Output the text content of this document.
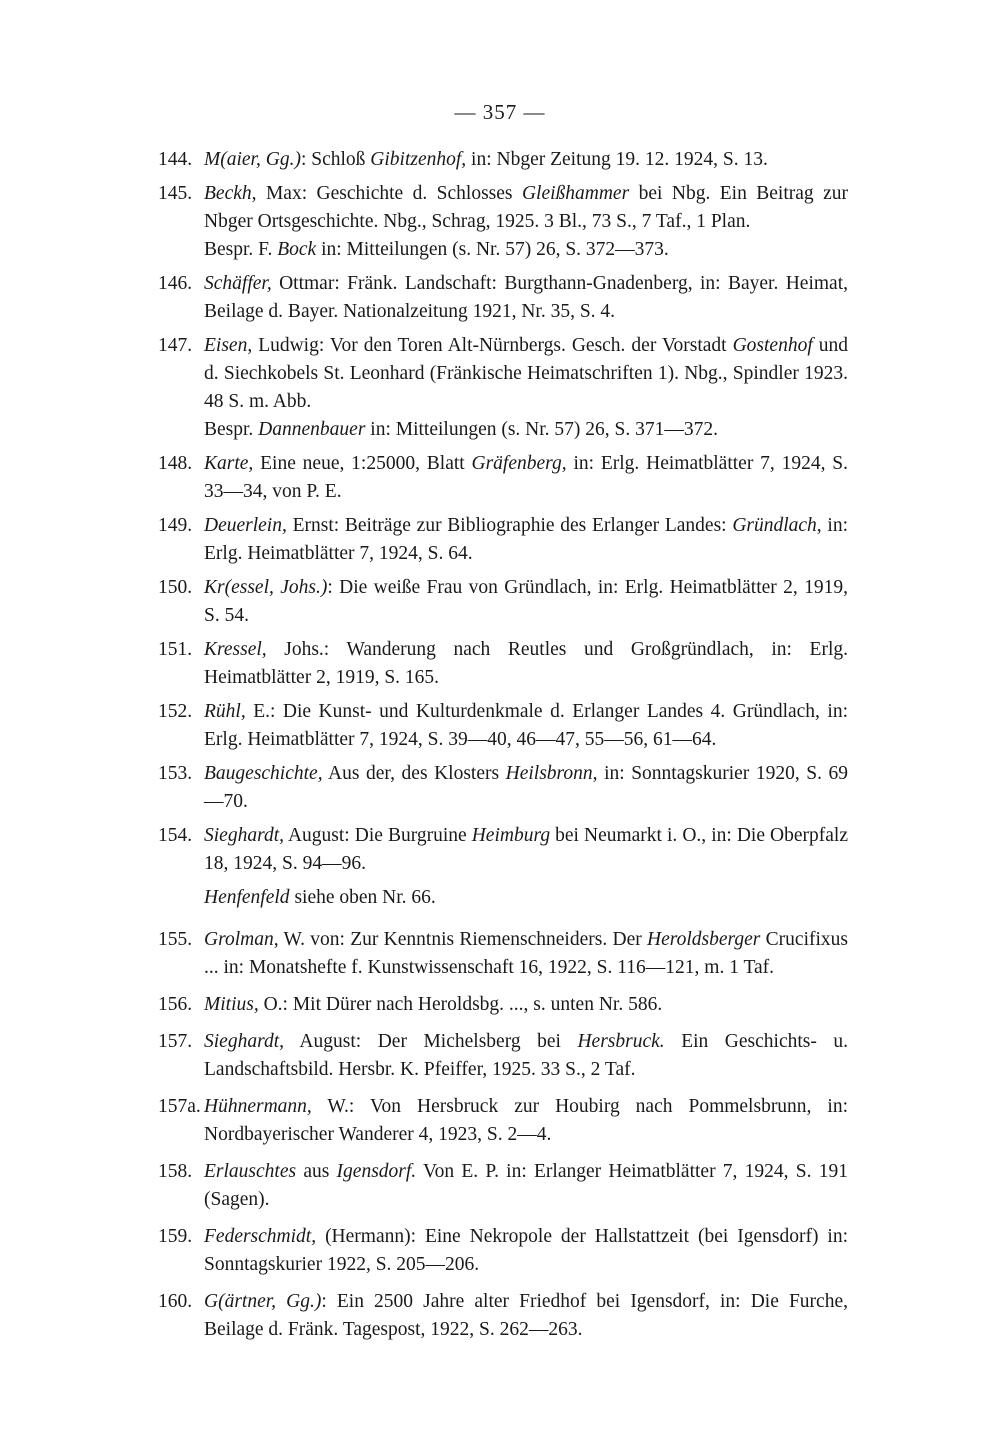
— 357 —
144. M(aier, Gg.): Schloß Gibitzenhof, in: Nbger Zeitung 19. 12. 1924, S. 13.

145. Beckh, Max: Geschichte d. Schlosses Gleißhammer bei Nbg. Ein Beitrag zur Nbger Ortsgeschichte. Nbg., Schrag, 1925. 3 Bl., 73 S., 7 Taf., 1 Plan.

Bespr. F. Bock in: Mitteilungen (s. Nr. 57) 26, S. 372—373.

146. Schäffer, Ottmar: Fränk. Landschaft: Burgthann-Gnadenberg, in: Bayer. Heimat, Beilage d. Bayer. Nationalzeitung 1921, Nr. 35, S. 4.

147. Eisen, Ludwig: Vor den Toren Alt-Nürnbergs. Gesch. der Vorstadt Gostenhof und d. Siechkobels St. Leonhard (Fränkische Heimatschriften 1). Nbg., Spindler 1923. 48 S. m. Abb.

Bespr. Dannenbauer in: Mitteilungen (s. Nr. 57) 26, S. 371—372.

148. Karte, Eine neue, 1:25000, Blatt Gräfenberg, in: Erlg. Heimatblätter 7, 1924, S. 33—34, von P. E.

149. Deuerlein, Ernst: Beiträge zur Bibliographie des Erlanger Landes: Gründlach, in: Erlg. Heimatblätter 7, 1924, S. 64.

150. Kr(essel, Johs.): Die weiße Frau von Gründlach, in: Erlg. Heimatblätter 2, 1919, S. 54.

151. Kressel, Johs.: Wanderung nach Reutles und Großgründlach, in: Erlg. Heimatblätter 2, 1919, S. 165.

152. Rühl, E.: Die Kunst- und Kulturdenkmale d. Erlanger Landes 4. Gründlach, in: Erlg. Heimatblätter 7, 1924, S. 39—40, 46—47, 55—56, 61—64.

153. Baugeschichte, Aus der, des Klosters Heilsbronn, in: Sonntagskurier 1920, S. 69—70.

154. Sieghardt, August: Die Burgruine Heimburg bei Neumarkt i. O., in: Die Oberpfalz 18, 1924, S. 94—96.

Henfenfeld siehe oben Nr. 66.
155. Grolman, W. von: Zur Kenntnis Riemenschneiders. Der Heroldsberger Crucifixus ... in: Monatshefte f. Kunstwissenschaft 16, 1922, S. 116—121, m. 1 Taf.

156. Mitius, O.: Mit Dürer nach Heroldsbg. ..., s. unten Nr. 586.

157. Sieghardt, August: Der Michelsberg bei Hersbruck. Ein Geschichts- u. Landschaftsbild. Hersbr. K. Pfeiffer, 1925. 33 S., 2 Taf.

157a. Hühnermann, W.: Von Hersbruck zur Houbirg nach Pommelsbrunn, in: Nordbayerischer Wanderer 4, 1923, S. 2—4.

158. Erlauschtes aus Igensdorf. Von E. P. in: Erlanger Heimatblätter 7, 1924, S. 191 (Sagen).

159. Federschmidt, (Hermann): Eine Nekropole der Hallstattzeit (bei Igensdorf) in: Sonntagskurier 1922, S. 205—206.

160. G(ärtner, Gg.): Ein 2500 Jahre alter Friedhof bei Igensdorf, in: Die Furche, Beilage d. Fränk. Tagespost, 1922, S. 262—263.
